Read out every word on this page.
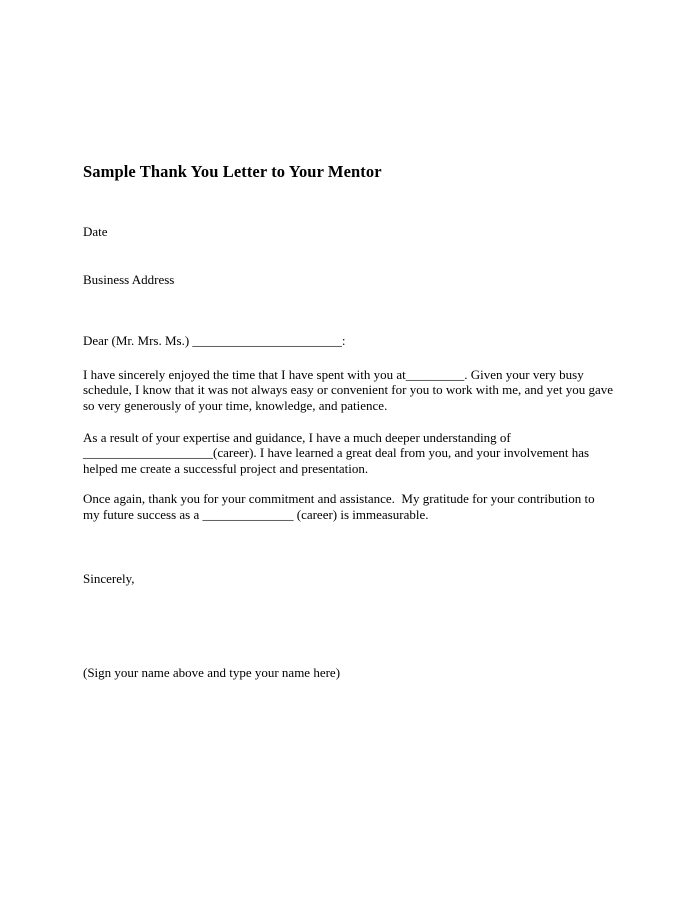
Sample Thank You Letter to Your Mentor

Date

Business Address

Dear (Mr. Mrs. Ms.) _______________________:

I have sincerely enjoyed the time that I have spent with you at_________. Given your very busy schedule, I know that it was not always easy or convenient for you to work with me, and yet you gave so very generously of your time, knowledge, and patience.

As a result of your expertise and guidance, I have a much deeper understanding of ____________________(career). I have learned a great deal from you, and your involvement has helped me create a successful project and presentation.

Once again, thank you for your commitment and assistance.  My gratitude for your contribution to my future success as a ______________ (career) is immeasurable.

Sincerely,

(Sign your name above and type your name here)
